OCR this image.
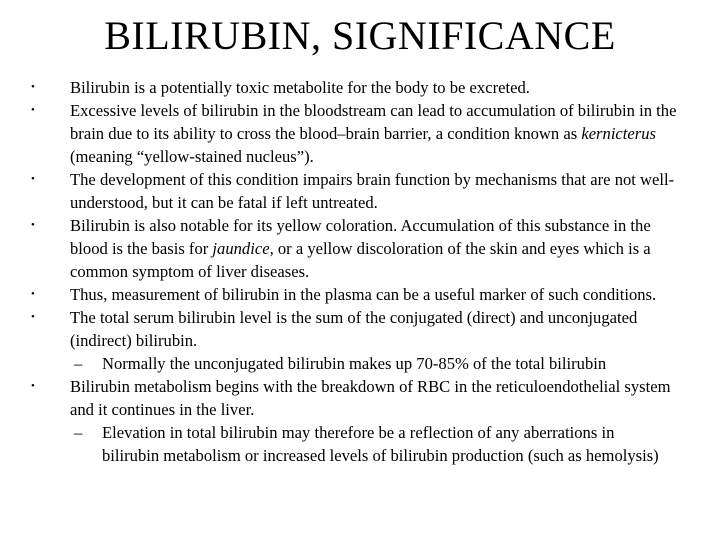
BILIRUBIN, SIGNIFICANCE
• Bilirubin is a potentially toxic metabolite for the body to be excreted.
• Excessive levels of bilirubin in the bloodstream can lead to accumulation of bilirubin in the brain due to its ability to cross the blood–brain barrier, a condition known as kernicterus (meaning “yellow-stained nucleus”).
• The development of this condition impairs brain function by mechanisms that are not well-understood, but it can be fatal if left untreated.
• Bilirubin is also notable for its yellow coloration. Accumulation of this substance in the blood is the basis for jaundice, or a yellow discoloration of the skin and eyes which is a common symptom of liver diseases.
• Thus, measurement of bilirubin in the plasma can be a useful marker of such conditions.
• The total serum bilirubin level is the sum of the conjugated (direct) and unconjugated (indirect) bilirubin.
– Normally the unconjugated bilirubin makes up 70-85% of the total bilirubin
• Bilirubin metabolism begins with the breakdown of RBC in the reticuloendothelial system and it continues in the liver.
– Elevation in total bilirubin may therefore be a reflection of any aberrations in bilirubin metabolism or increased levels of bilirubin production (such as hemolysis)
